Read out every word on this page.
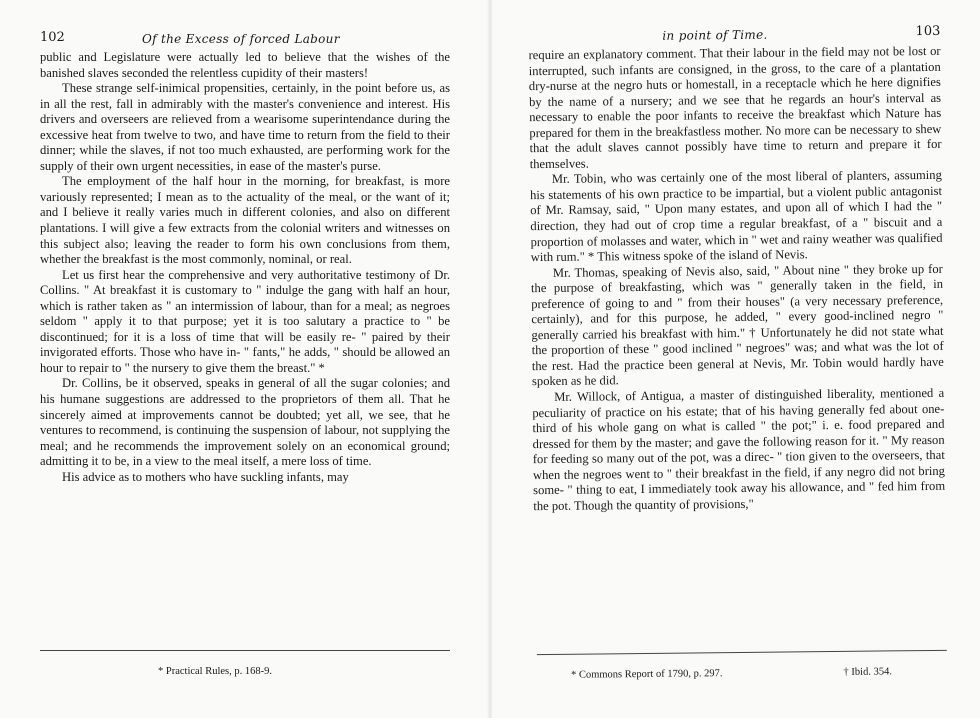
102	Of the Excess of forced Labour

public and Legislature were actually led to believe that the wishes of the banished slaves seconded the relentless cupidity of their masters!

These strange self-inimical propensities, certainly, in the point before us, as in all the rest, fall in admirably with the master's convenience and interest. His drivers and overseers are relieved from a wearisome superintendance during the excessive heat from twelve to two, and have time to return from the field to their dinner; while the slaves, if not too much exhausted, are performing work for the supply of their own urgent necessities, in ease of the master's purse.

The employment of the half hour in the morning, for breakfast, is more variously represented; I mean as to the actuality of the meal, or the want of it; and I believe it really varies much in different colonies, and also on different plantations. I will give a few extracts from the colonial writers and witnesses on this subject also; leaving the reader to form his own conclusions from them, whether the breakfast is the most commonly, nominal, or real.

Let us first hear the comprehensive and very authoritative testimony of Dr. Collins. " At breakfast it is customary to " indulge the gang with half an hour, which is rather taken as " an intermission of labour, than for a meal; as negroes seldom " apply it to that purpose; yet it is too salutary a practice to " be discontinued; for it is a loss of time that will be easily re- " paired by their invigorated efforts. Those who have in- " fants," he adds, " should be allowed an hour to repair to " the nursery to give them the breast." *

Dr. Collins, be it observed, speaks in general of all the sugar colonies; and his humane suggestions are addressed to the proprietors of them all. That he sincerely aimed at improvements cannot be doubted; yet all, we see, that he ventures to recommend, is continuing the suspension of labour, not supplying the meal; and he recommends the improvement solely on an economical ground; admitting it to be, in a view to the meal itself, a mere loss of time.

His advice as to mothers who have suckling infants, may

* Practical Rules, p. 168-9.
in point of Time.	103

require an explanatory comment. That their labour in the field may not be lost or interrupted, such infants are consigned, in the gross, to the care of a plantation dry-nurse at the negro huts or homestall, in a receptacle which he here dignifies by the name of a nursery; and we see that he regards an hour's interval as necessary to enable the poor infants to receive the breakfast which Nature has prepared for them in the breakfastless mother. No more can be necessary to shew that the adult slaves cannot possibly have time to return and prepare it for themselves.

Mr. Tobin, who was certainly one of the most liberal of planters, assuming his statements of his own practice to be impartial, but a violent public antagonist of Mr. Ramsay, said, " Upon many estates, and upon all of which I had the " direction, they had out of crop time a regular breakfast, of a " biscuit and a proportion of molasses and water, which in " wet and rainy weather was qualified with rum." * This witness spoke of the island of Nevis.

Mr. Thomas, speaking of Nevis also, said, " About nine " they broke up for the purpose of breakfasting, which was " generally taken in the field, in preference of going to and " from their houses" (a very necessary preference, certainly), and for this purpose, he added, " every good-inclined negro " generally carried his breakfast with him." † Unfortunately he did not state what the proportion of these " good inclined " negroes" was; and what was the lot of the rest. Had the practice been general at Nevis, Mr. Tobin would hardly have spoken as he did.

Mr. Willock, of Antigua, a master of distinguished liberality, mentioned a peculiarity of practice on his estate; that of his having generally fed about one-third of his whole gang on what is called " the pot;" i. e. food prepared and dressed for them by the master; and gave the following reason for it. " My reason for feeding so many out of the pot, was a direc- " tion given to the overseers, that when the negroes went to " their breakfast in the field, if any negro did not bring some- " thing to eat, I immediately took away his allowance, and " fed him from the pot. Though the quantity of provisions,"

* Commons Report of 1790, p. 297.	† Ibid. 354.
